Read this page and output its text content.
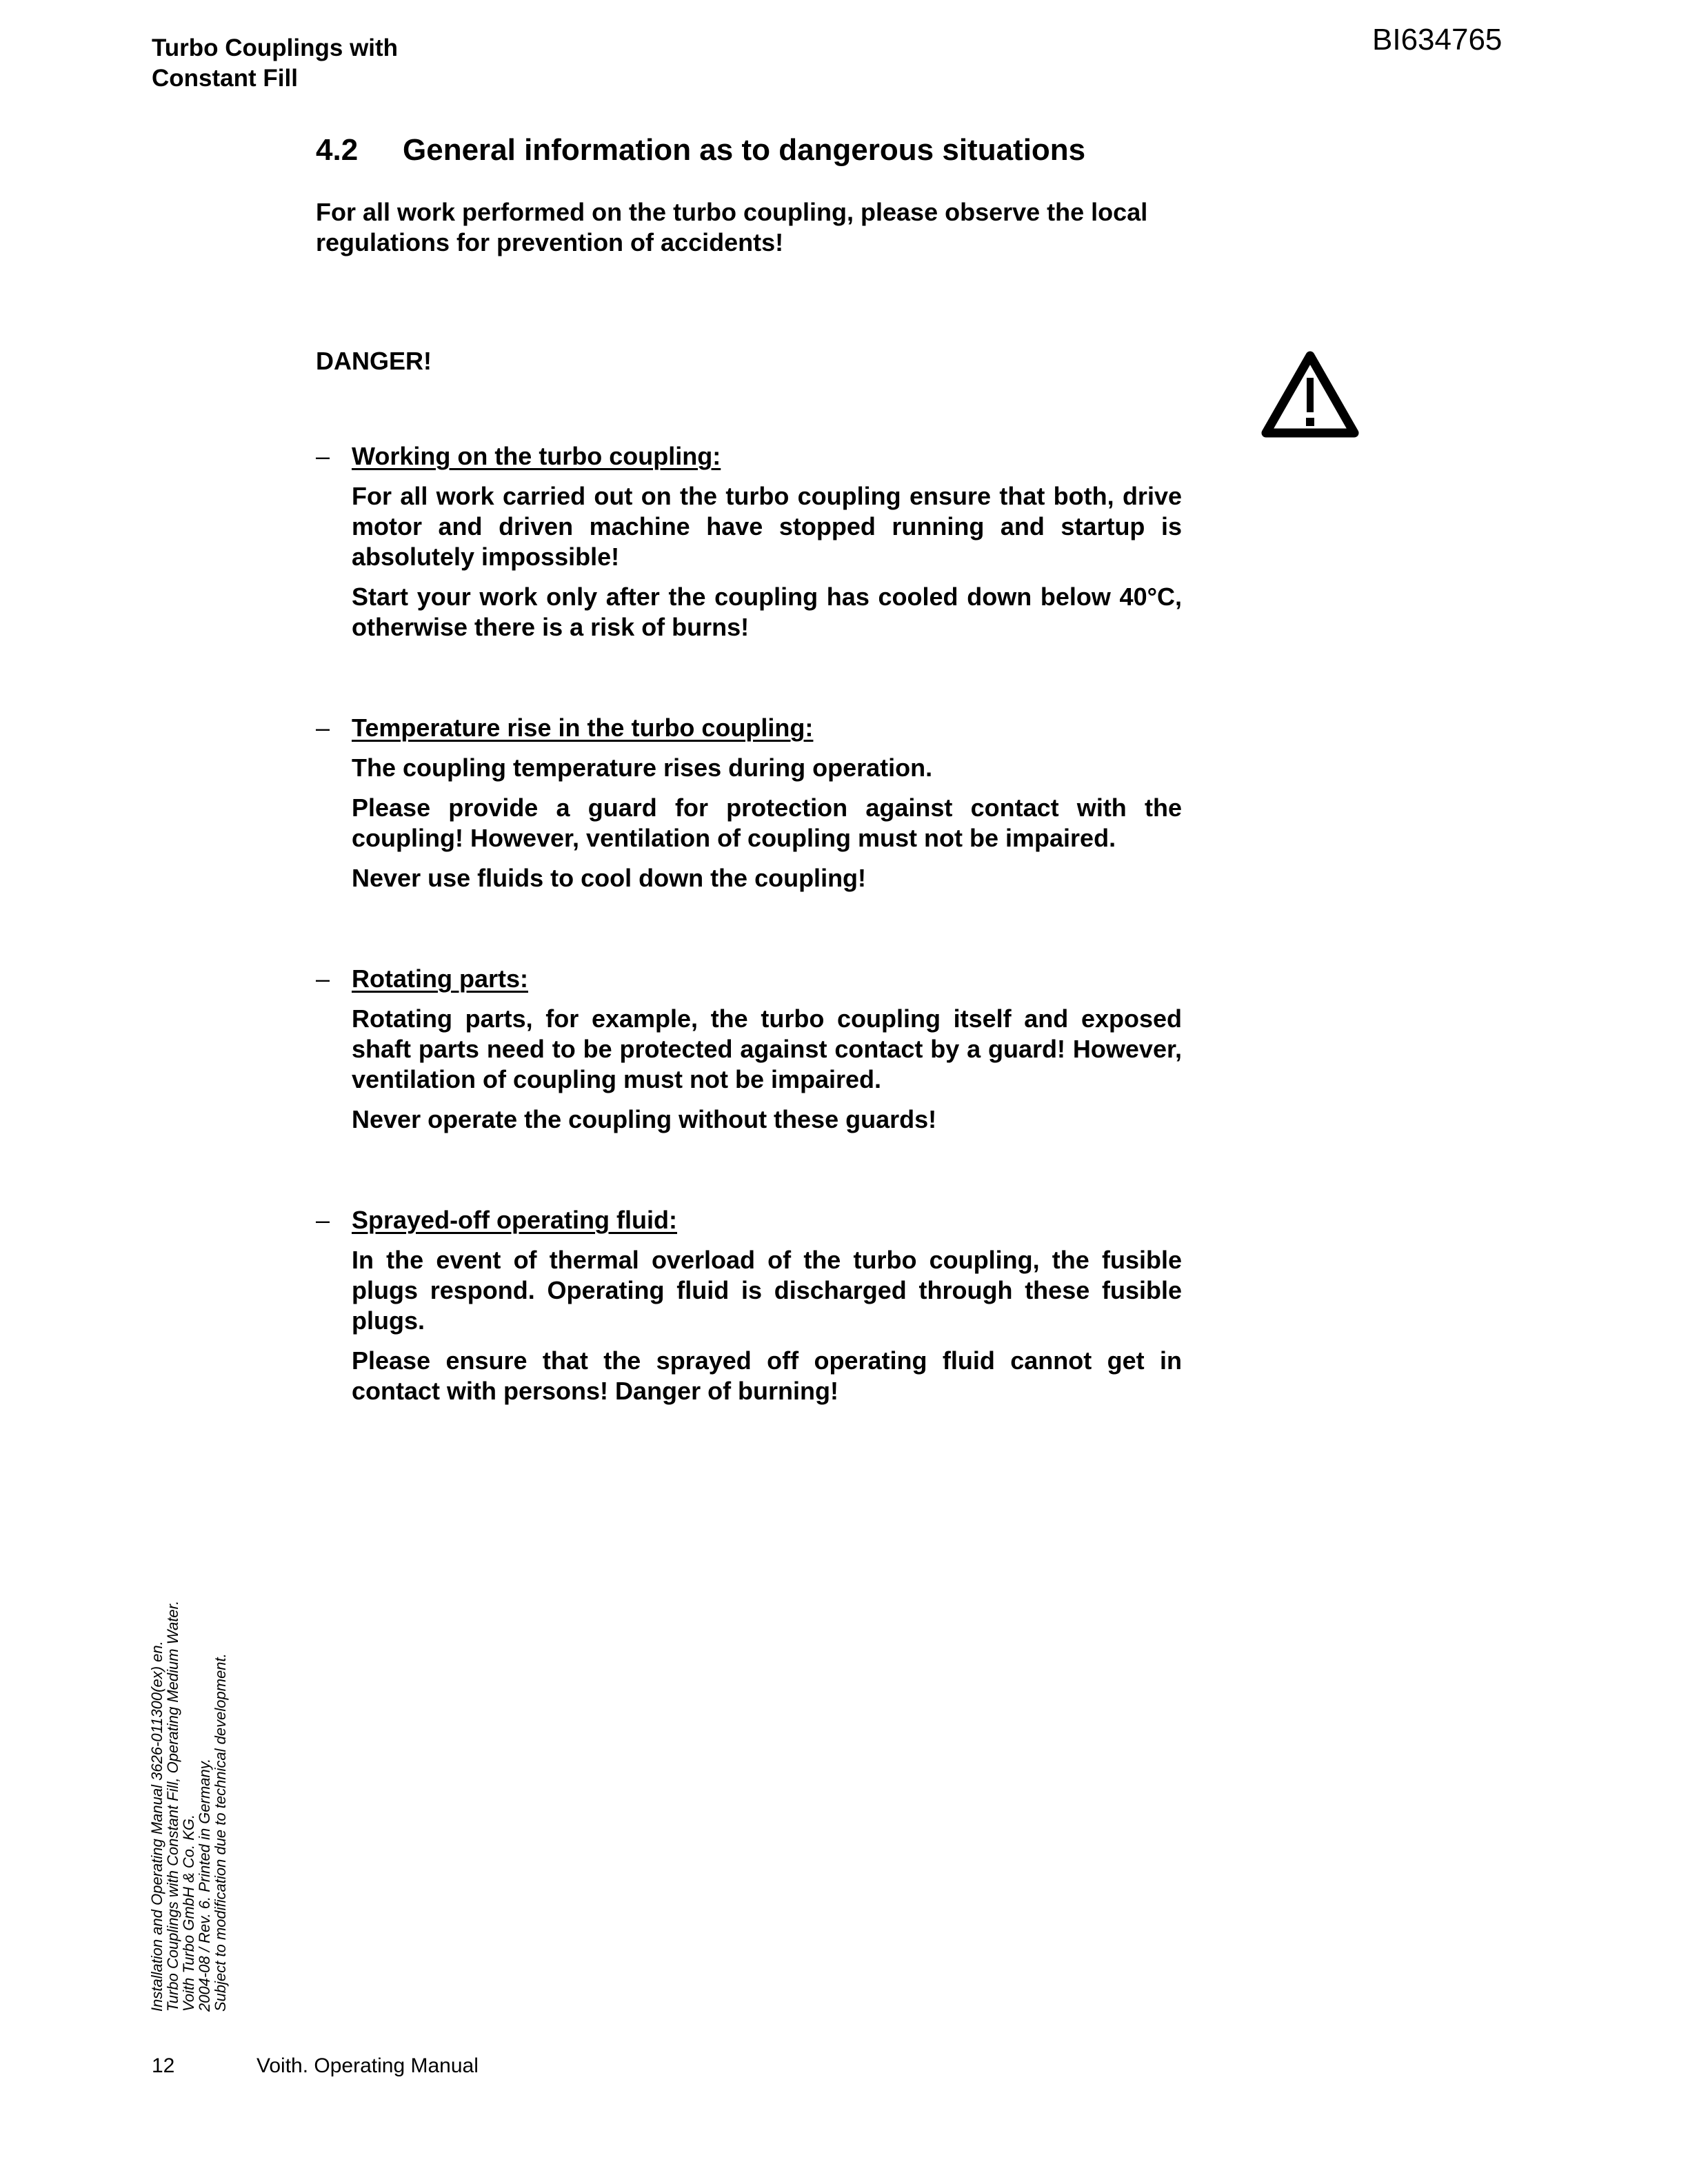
Turbo Couplings with
Constant Fill
BI634765
4.2 General information as to dangerous situations
For all work performed on the turbo coupling, please observe the local regulations for prevention of accidents!
DANGER!
– Working on the turbo coupling:

For all work carried out on the turbo coupling ensure that both, drive motor and driven machine have stopped running and startup is absolutely impossible!

Start your work only after the coupling has cooled down below 40°C, otherwise there is a risk of burns!

– Temperature rise in the turbo coupling:

The coupling temperature rises during operation.

Please provide a guard for protection against contact with the coupling! However, ventilation of coupling must not be impaired.

Never use fluids to cool down the coupling!

– Rotating parts:

Rotating parts, for example, the turbo coupling itself and exposed shaft parts need to be protected against contact by a guard! However, ventilation of coupling must not be impaired.

Never operate the coupling without these guards!

– Sprayed-off operating fluid:

In the event of thermal overload of the turbo coupling, the fusible plugs respond. Operating fluid is discharged through these fusible plugs.

Please ensure that the sprayed off operating fluid cannot get in contact with persons! Danger of burning!

Installation and Operating Manual 3626-011300(ex) en.
Turbo Couplings with Constant Fill, Operating Medium Water.
Voith Turbo GmbH & Co. KG.
2004-08 / Rev. 6. Printed in Germany.
Subject to modification due to technical development.
12	Voith. Operating Manual
